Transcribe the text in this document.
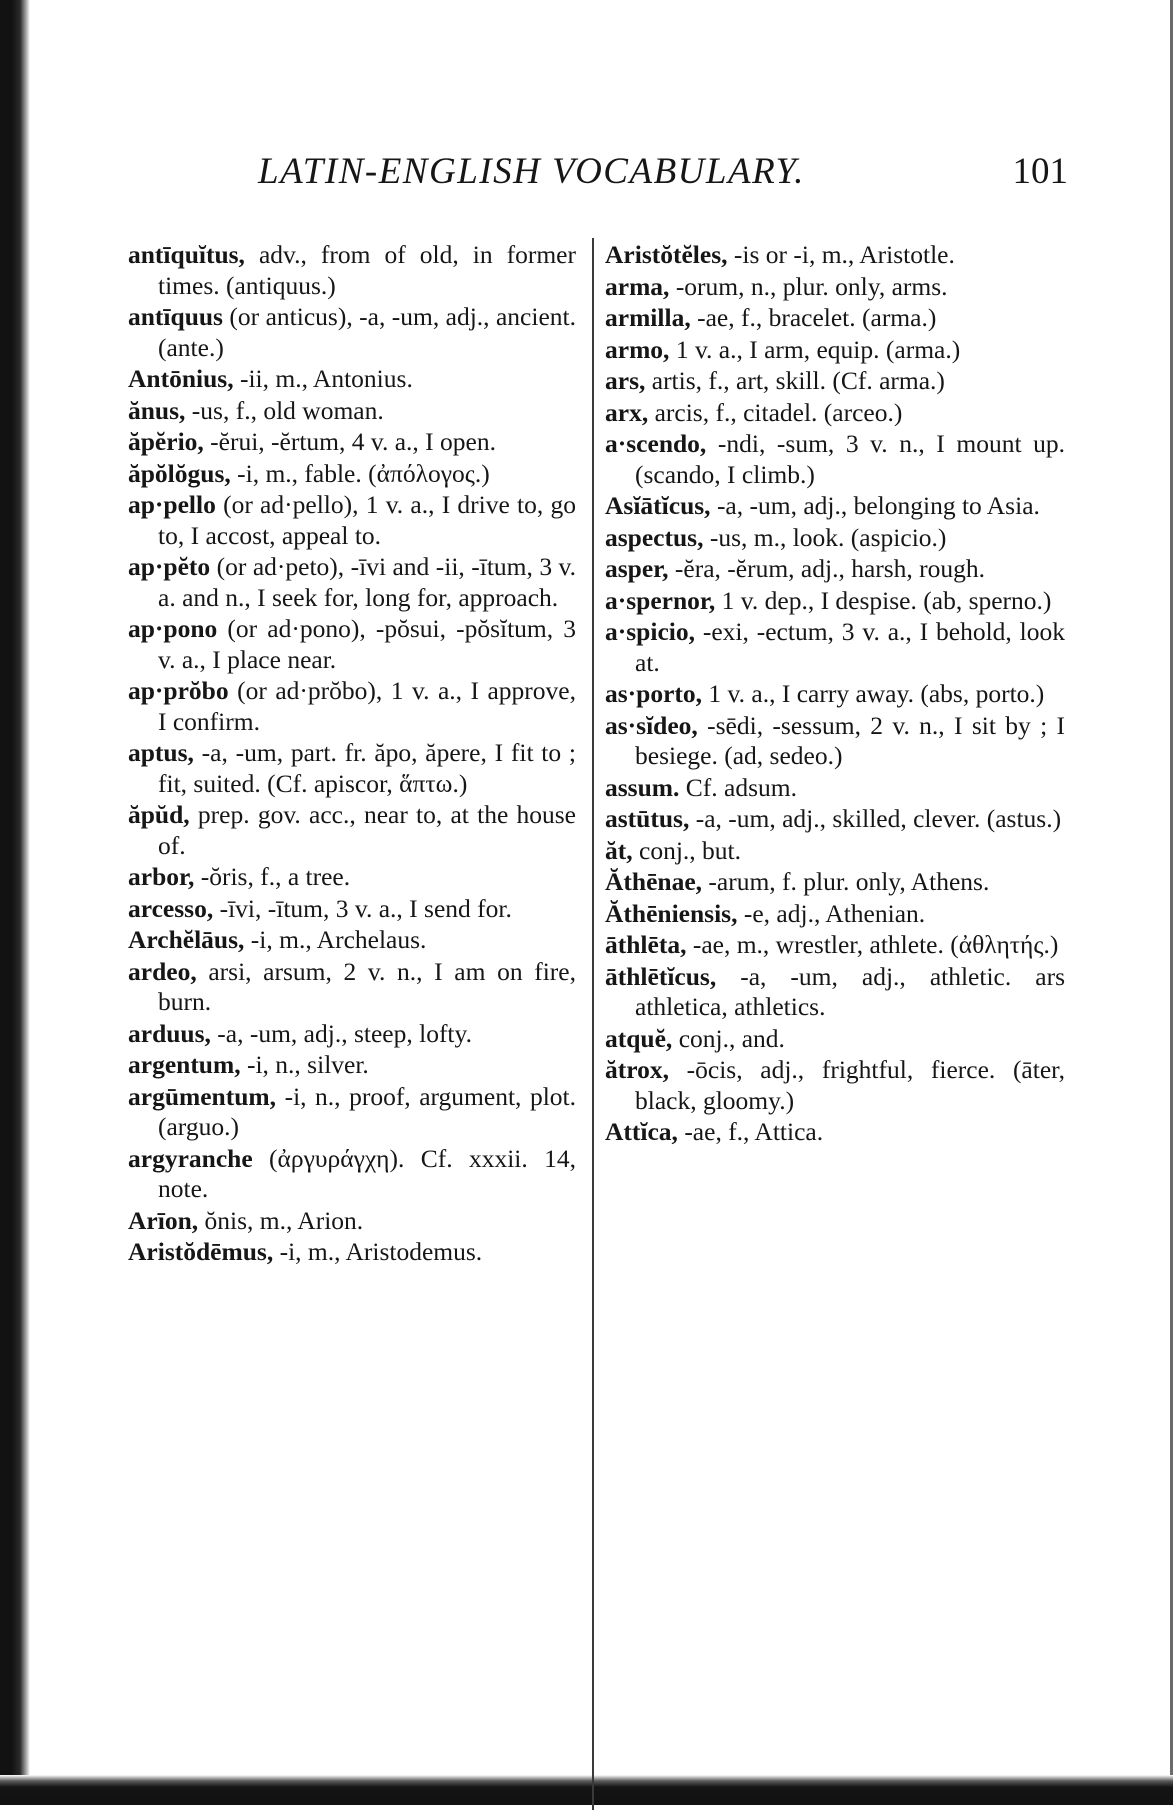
LATIN-ENGLISH VOCABULARY.	101

antīquĭtus, adv., from of old, in former times. (antiquus.)

antīquus (or anticus), -a, -um, adj., ancient. (ante.)

Antōnius, -ii, m., Antonius.

ănus, -us, f., old woman.

ăpĕrio, -ĕrui, -ĕrtum, 4 v. a., I open.

ăpŏlŏgus, -i, m., fable. (ἀπόλογος.)

ap·pello (or ad·pello), 1 v. a., I drive to, go to, I accost, appeal to.

ap·pĕto (or ad·peto), -īvi and -ii, -ītum, 3 v. a. and n., I seek for, long for, approach.

ap·pono (or ad·pono), -pŏsui, -pŏsĭtum, 3 v. a., I place near.

ap·prŏbo (or ad·prŏbo), 1 v. a., I approve, I confirm.

aptus, -a, -um, part. fr. ăpo, ăpere, I fit to ; fit, suited. (Cf. apiscor, ἅπτω.)

ăpŭd, prep. gov. acc., near to, at the house of.

arbor, -ŏris, f., a tree.

arcesso, -īvi, -ītum, 3 v. a., I send for.

Archĕlāus, -i, m., Archelaus.

ardeo, arsi, arsum, 2 v. n., I am on fire, burn.

arduus, -a, -um, adj., steep, lofty.

argentum, -i, n., silver.

argūmentum, -i, n., proof, argument, plot. (arguo.)

argyranche (ἀργυράγχη). Cf. xxxii. 14, note.

Arīon, ŏnis, m., Arion.

Aristŏdēmus, -i, m., Aristodemus.

Aristŏtĕles, -is or -i, m., Aristotle.

arma, -orum, n., plur. only, arms.

armilla, -ae, f., bracelet. (arma.)

armo, 1 v. a., I arm, equip. (arma.)

ars, artis, f., art, skill. (Cf. arma.)

arx, arcis, f., citadel. (arceo.)

a·scendo, -ndi, -sum, 3 v. n., I mount up. (scando, I climb.)

Asĭātĭcus, -a, -um, adj., belonging to Asia.

aspectus, -us, m., look. (aspicio.)

asper, -ĕra, -ĕrum, adj., harsh, rough.

a·spernor, 1 v. dep., I despise. (ab, sperno.)

a·spicio, -exi, -ectum, 3 v. a., I behold, look at.

as·porto, 1 v. a., I carry away. (abs, porto.)

as·sĭdeo, -sēdi, -sessum, 2 v. n., I sit by ; I besiege. (ad, sedeo.)

assum. Cf. adsum.

astūtus, -a, -um, adj., skilled, clever. (astus.)

ăt, conj., but.

Ăthēnae, -arum, f. plur. only, Athens.

Ăthēniensis, -e, adj., Athenian.

āthlēta, -ae, m., wrestler, athlete. (ἀθλητής.)

āthlētĭcus, -a, -um, adj., athletic. ars athletica, athletics.

atquĕ, conj., and.

ătrox, -ōcis, adj., frightful, fierce. (āter, black, gloomy.)

Attĭca, -ae, f., Attica.
